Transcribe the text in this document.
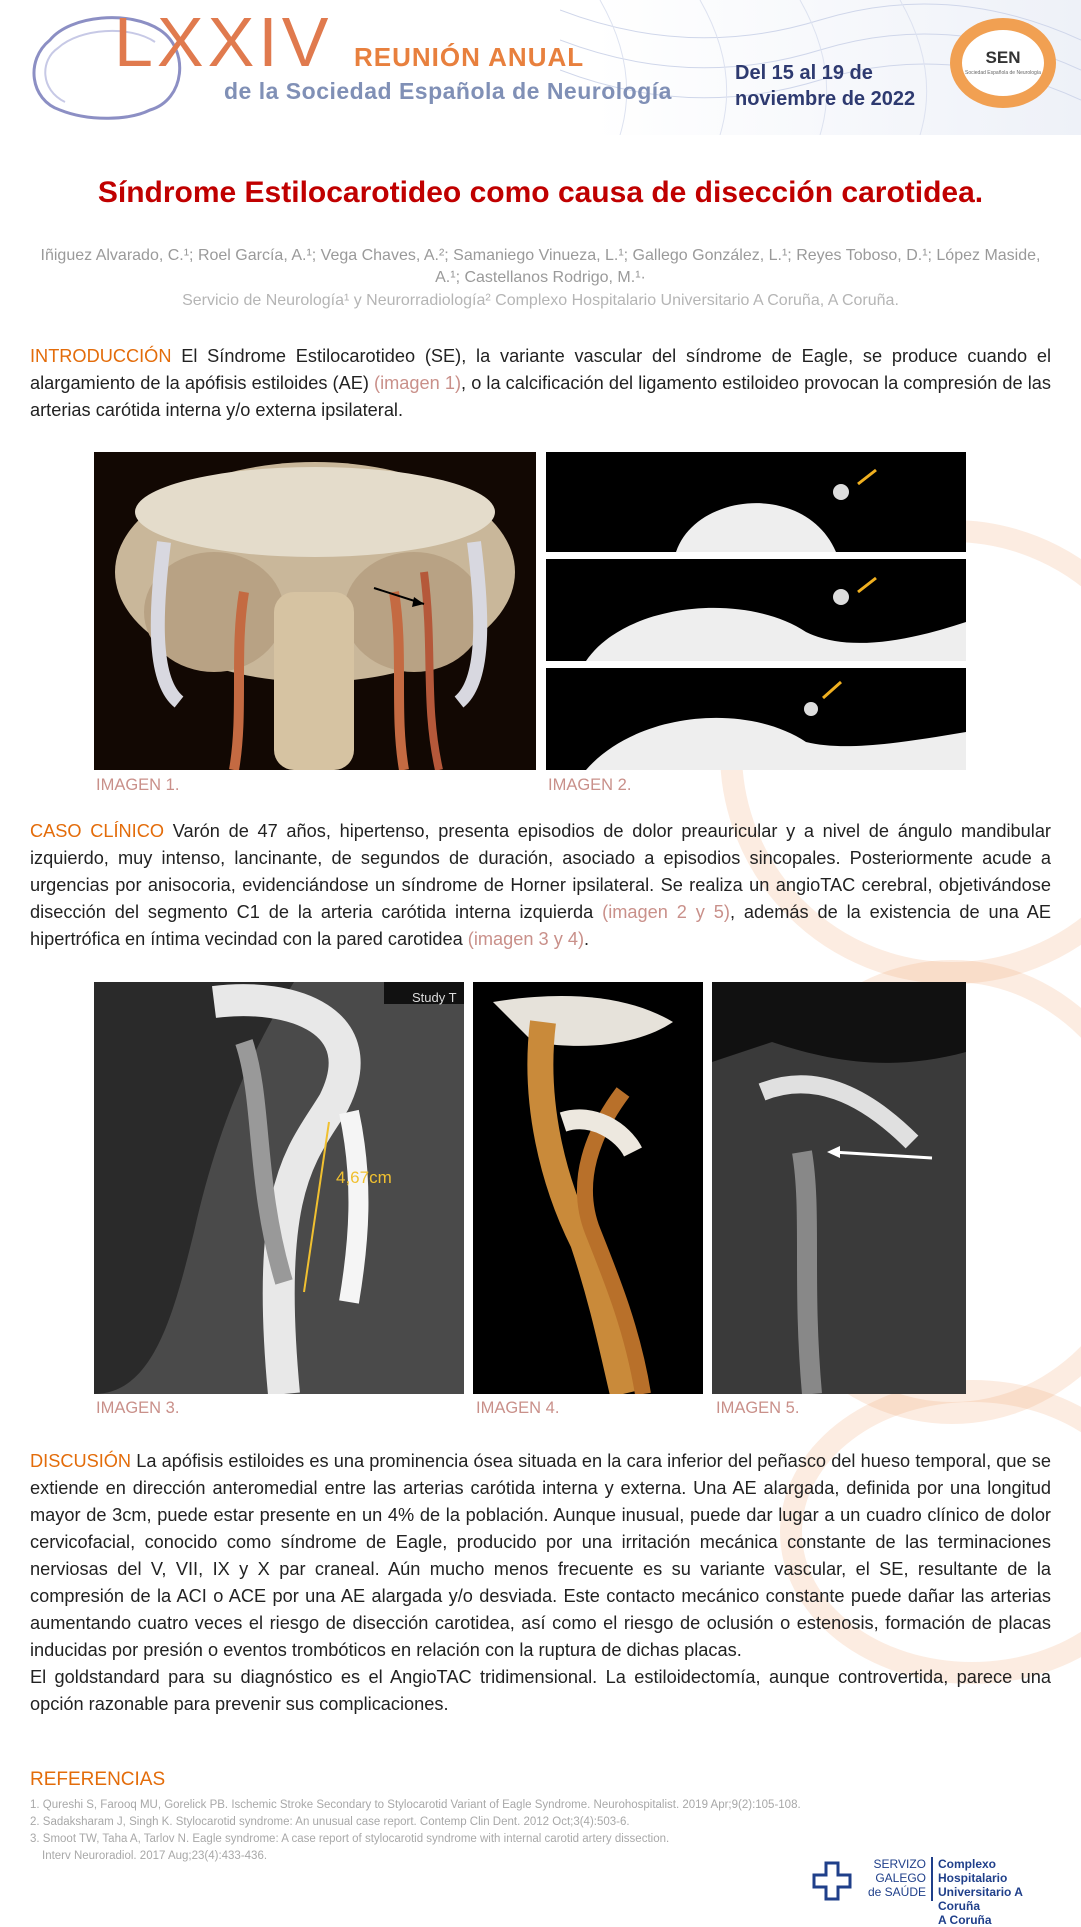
LXXIV REUNIÓN ANUAL
de la Sociedad Española de Neurología
Del 15 al 19 de
noviembre de 2022
SEN
Sociedad Española de Neurología
Síndrome Estilocarotideo como causa de disección carotidea.
Iñiguez Alvarado, C.¹; Roel García, A.¹; Vega Chaves, A.²; Samaniego Vinueza, L.¹; Gallego González, L.¹; Reyes Toboso, D.¹; López Maside, A.¹; Castellanos Rodrigo, M.¹·
Servicio de Neurología¹ y Neurorradiología² Complexo Hospitalario Universitario A Coruña, A Coruña.
INTRODUCCIÓN El Síndrome Estilocarotideo (SE), la variante vascular del síndrome de Eagle, se produce cuando el alargamiento de la apófisis estiloides (AE) (imagen 1), o la calcificación del ligamento estiloideo provocan la compresión de las arterias carótida interna y/o externa ipsilateral.
IMAGEN 1.	IMAGEN 2.
CASO CLÍNICO Varón de 47 años, hipertenso, presenta episodios de dolor preauricular y a nivel de ángulo mandibular izquierdo, muy intenso, lancinante, de segundos de duración, asociado a episodios sincopales. Posteriormente acude a urgencias por anisocoria, evidenciándose un síndrome de Horner ipsilateral. Se realiza un angioTAC cerebral, objetivándose disección del segmento C1 de la arteria carótida interna izquierda (imagen 2 y 5), además de la existencia de una AE hipertrófica en íntima vecindad con la pared carotidea (imagen 3 y 4).
Study T
4,67cm
IMAGEN 3.	IMAGEN 4.	IMAGEN 5.
DISCUSIÓN La apófisis estiloides es una prominencia ósea situada en la cara inferior del peñasco del hueso temporal, que se extiende en dirección anteromedial entre las arterias carótida interna y externa. Una AE alargada, definida por una longitud mayor de 3cm, puede estar presente en un 4% de la población. Aunque inusual, puede dar lugar a un cuadro clínico de dolor cervicofacial, conocido como síndrome de Eagle, producido por una irritación mecánica constante de las terminaciones nerviosas del V, VII, IX y X par craneal. Aún mucho menos frecuente es su variante vascular, el SE, resultante de la compresión de la ACI o ACE por una AE alargada y/o desviada. Este contacto mecánico constante puede dañar las arterias aumentando cuatro veces el riesgo de disección carotidea, así como el riesgo de oclusión o estenosis, formación de placas inducidas por presión o eventos trombóticos en relación con la ruptura de dichas placas.
El goldstandard para su diagnóstico es el AngioTAC tridimensional. La estiloidectomía, aunque controvertida, parece una opción razonable para prevenir sus complicaciones.
REFERENCIAS
1. Qureshi S, Farooq MU, Gorelick PB. Ischemic Stroke Secondary to Stylocarotid Variant of Eagle Syndrome. Neurohospitalist. 2019 Apr;9(2):105-108.
2. Sadaksharam J, Singh K. Stylocarotid syndrome: An unusual case report. Contemp Clin Dent. 2012 Oct;3(4):503-6.
3. Smoot TW, Taha A, Tarlov N. Eagle syndrome: A case report of stylocarotid syndrome with internal carotid artery dissection.
Interv Neuroradiol. 2017 Aug;23(4):433-436.
SERVIZO
GALEGO
de SAÚDE
Complexo Hospitalario
Universitario A Coruña
A Coruña
